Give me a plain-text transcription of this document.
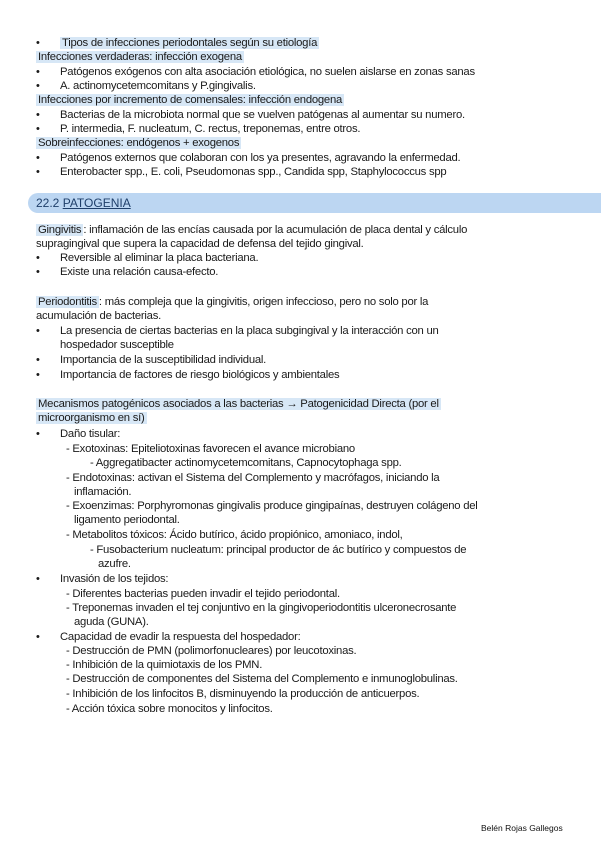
• Tipos de infecciones periodontales según su etiología
Infecciones verdaderas: infección exogena
• Patógenos exógenos con alta asociación etiológica, no suelen aislarse en zonas sanas
• A. actinomycetemcomitans y P.gingivalis.
Infecciones por incremento de comensales: infección endogena
• Bacterias de la microbiota normal que se vuelven patógenas al aumentar su numero.
• P. intermedia, F. nucleatum, C. rectus, treponemas, entre otros.
Sobreinfecciones: endógenos + exogenos
• Patógenos externos que colaboran con los ya presentes, agravando la enfermedad.
• Enterobacter spp., E. coli, Pseudomonas spp., Candida spp, Staphylococcus spp
22.2 PATOGENIA
Gingivitis : inflamación de las encías causada por la acumulación de placa dental y cálculo
supragingival que supera la capacidad de defensa del tejido gingival.
• Reversible al eliminar la placa bacteriana.
• Existe una relación causa-efecto.
Periodontitis : más compleja que la gingivitis, origen infeccioso, pero no solo por la
acumulación de bacterias.
• La presencia de ciertas bacterias en la placa subgingival y la interacción con un
hospedador susceptible
• Importancia de la susceptibilidad individual.
• Importancia de factores de riesgo biológicos y ambientales
Mecanismos patogénicos asociados a las bacterias → Patogenicidad Directa (por el
microorganismo en sí)
• Daño tisular:
- Exotoxinas: Epiteliotoxinas favorecen el avance microbiano
- Aggregatibacter actinomycetemcomitans, Capnocytophaga spp.
- Endotoxinas: activan el Sistema del Complemento y macrófagos, iniciando la
inflamación.
- Exoenzimas: Porphyromonas gingivalis produce gingipaínas, destruyen colágeno del
ligamento periodontal.
- Metabolitos tóxicos: Ácido butírico, ácido propiónico, amoniaco, indol,
- Fusobacterium nucleatum: principal productor de ác butírico y compuestos de
azufre.
• Invasión de los tejidos:
- Diferentes bacterias pueden invadir el tejido periodontal.
- Treponemas invaden el tej conjuntivo en la gingivoperiodontitis ulceronecrosante
aguda (GUNA).
• Capacidad de evadir la respuesta del hospedador:
- Destrucción de PMN (polimorfonucleares) por leucotoxinas.
- Inhibición de la quimiotaxis de los PMN.
- Destrucción de componentes del Sistema del Complemento e inmunoglobulinas.
- Inhibición de los linfocitos B, disminuyendo la producción de anticuerpos.
- Acción tóxica sobre monocitos y linfocitos.
Belén Rojas Gallegos
